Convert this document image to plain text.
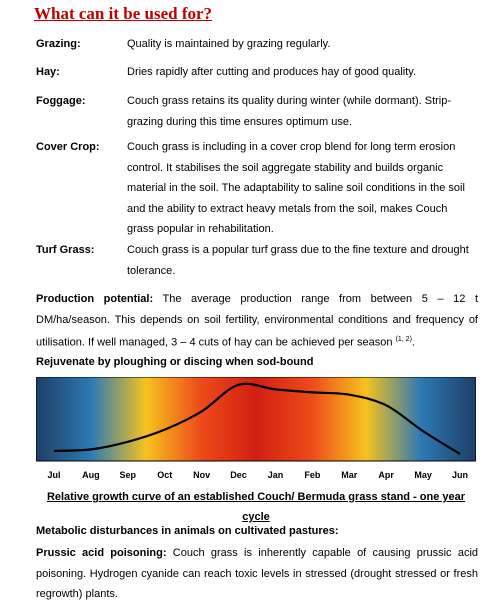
What can it be used for?
Grazing:	Quality is maintained by grazing regularly.
Hay:	Dries rapidly after cutting and produces hay of good quality.
Foggage:	Couch grass retains its quality during winter (while dormant). Strip-
grazing during this time ensures optimum use.
Cover Crop: Couch grass is including in a cover crop blend for long term erosion
control. It stabilises the soil aggregate stability and builds organic
material in the soil. The adaptability to saline soil conditions in the soil
and the ability to extract heavy metals from the soil, makes Couch
grass popular in rehabilitation.
Turf Grass:	Couch grass is a popular turf grass due to the fine texture and drought
tolerance.
Production potential: The average production range from between 5 – 12 t DM/ha/season. This depends on soil fertility, environmental conditions and frequency of utilisation. If well managed, 3 – 4 cuts of hay can be achieved per season $^{(1, 2)}$.
Rejuvenate by ploughing or discing when sod-bound
Jul Aug Sep Oct Nov Dec Jan Feb Mar Apr May Jun
Relative growth curve of an established Couch/ Bermuda grass stand - one year cycle
Metabolic disturbances in animals on cultivated pastures:
Prussic acid poisoning: Couch grass is inherently capable of causing prussic acid poisoning. Hydrogen cyanide can reach toxic levels in stressed (drought stressed or fresh regrowth) plants.
